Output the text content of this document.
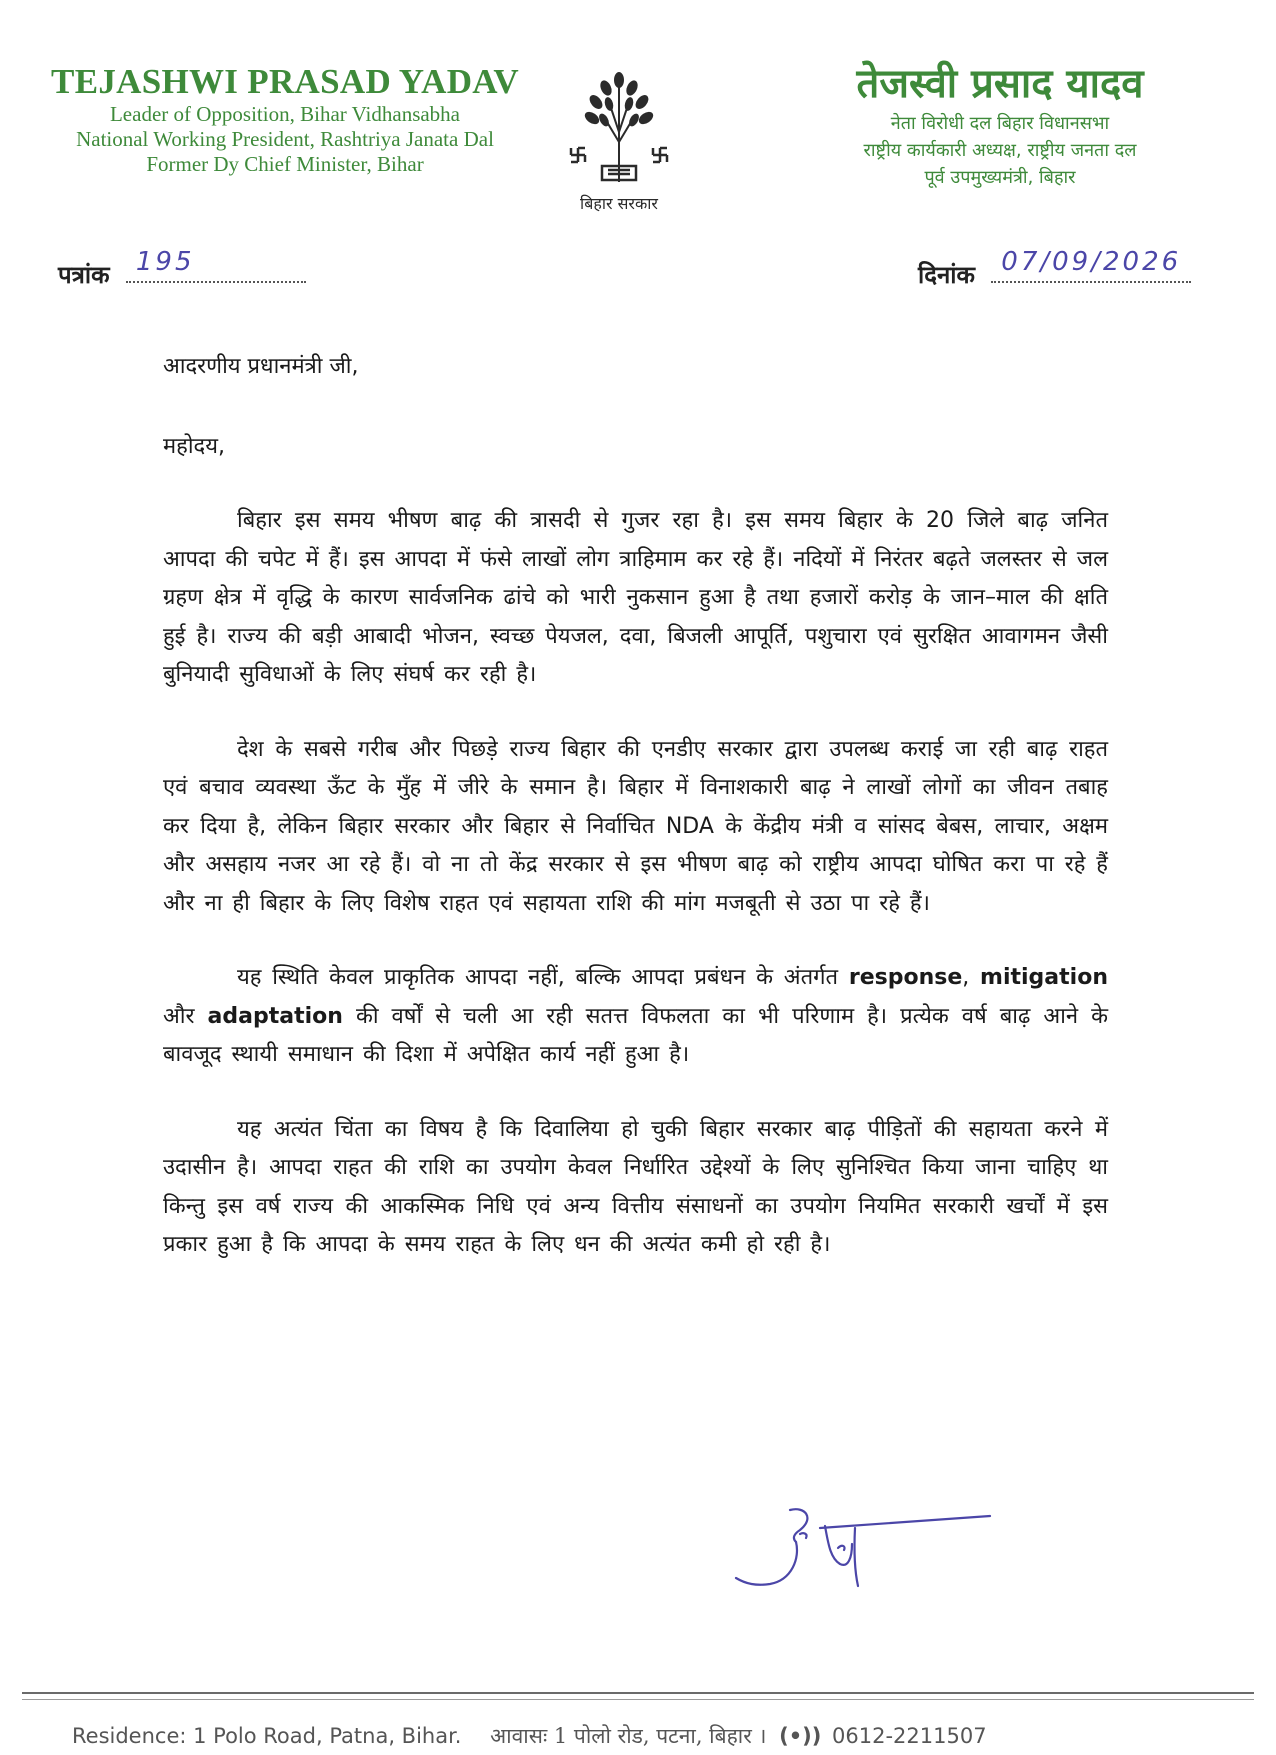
TEJASHWI PRASAD YADAV
Leader of Opposition, Bihar Vidhansabha
National Working President, Rashtriya Janata Dal
Former Dy Chief Minister, Bihar
बिहार सरकार
तेजस्वी प्रसाद यादव
नेता विरोधी दल बिहार विधानसभा
राष्ट्रीय कार्यकारी अध्यक्ष, राष्ट्रीय जनता दल
पूर्व उपमुख्यमंत्री, बिहार
पत्रांक 195	दिनांक 07/09/2026
आदरणीय प्रधानमंत्री जी,
महोदय,

बिहार इस समय भीषण बाढ़ की त्रासदी से गुजर रहा है। इस समय बिहार के 20 जिले बाढ़ जनित आपदा की चपेट में हैं। इस आपदा में फंसे लाखों लोग त्राहिमाम कर रहे हैं। नदियों में निरंतर बढ़ते जलस्तर से जल ग्रहण क्षेत्र में वृद्धि के कारण सार्वजनिक ढांचे को भारी नुकसान हुआ है तथा हजारों करोड़ के जान–माल की क्षति हुई है। राज्य की बड़ी आबादी भोजन, स्वच्छ पेयजल, दवा, बिजली आपूर्ति, पशुचारा एवं सुरक्षित आवागमन जैसी बुनियादी सुविधाओं के लिए संघर्ष कर रही है।

देश के सबसे गरीब और पिछड़े राज्य बिहार की एनडीए सरकार द्वारा उपलब्ध कराई जा रही बाढ़ राहत एवं बचाव व्यवस्था ऊँट के मुँह में जीरे के समान है। बिहार में विनाशकारी बाढ़ ने लाखों लोगों का जीवन तबाह कर दिया है, लेकिन बिहार सरकार और बिहार से निर्वाचित NDA के केंद्रीय मंत्री व सांसद बेबस, लाचार, अक्षम और असहाय नजर आ रहे हैं। वो ना तो केंद्र सरकार से इस भीषण बाढ़ को राष्ट्रीय आपदा घोषित करा पा रहे हैं और ना ही बिहार के लिए विशेष राहत एवं सहायता राशि की मांग मजबूती से उठा पा रहे हैं।

यह स्थिति केवल प्राकृतिक आपदा नहीं, बल्कि आपदा प्रबंधन के अंतर्गत response, mitigation और adaptation की वर्षों से चली आ रही सतत्त विफलता का भी परिणाम है। प्रत्येक वर्ष बाढ़ आने के बावजूद स्थायी समाधान की दिशा में अपेक्षित कार्य नहीं हुआ है।

यह अत्यंत चिंता का विषय है कि दिवालिया हो चुकी बिहार सरकार बाढ़ पीड़ितों की सहायता करने में उदासीन है। आपदा राहत की राशि का उपयोग केवल निर्धारित उद्देश्यों के लिए सुनिश्चित किया जाना चाहिए था किन्तु इस वर्ष राज्य की आकस्मिक निधि एवं अन्य वित्तीय संसाधनों का उपयोग नियमित सरकारी खर्चों में इस प्रकार हुआ है कि आपदा के समय राहत के लिए धन की अत्यंत कमी हो रही है।

Residence: 1 Polo Road, Patna, Bihar. आवासः 1 पोलो रोड, पटना, बिहार । (•)) 0612-2211507
